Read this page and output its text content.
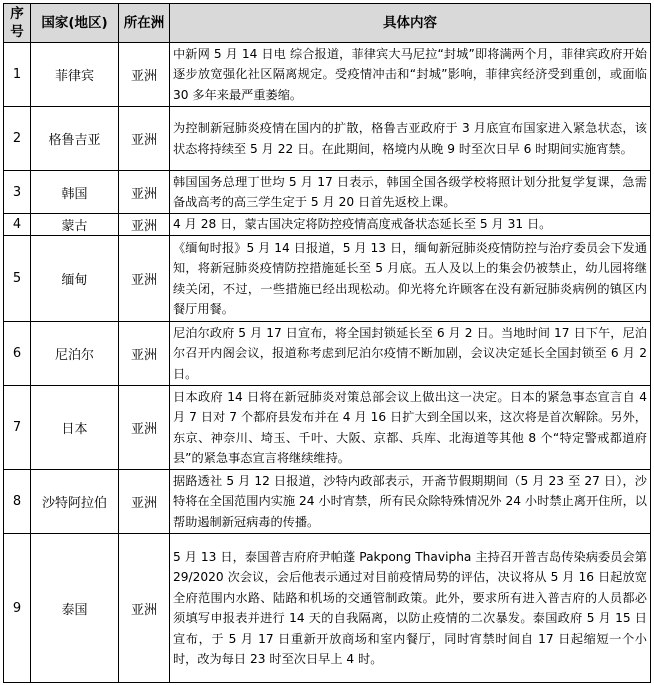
序号	国家(地区)	所在洲	具体内容
1	菲律宾	亚洲	中新网 5 月 14 日电 综合报道，菲律宾大马尼拉“封城”即将满两个月，菲律宾政府开始逐步放宽强化社区隔离规定。受疫情冲击和“封城”影响，菲律宾经济受到重创，或面临 30 多年来最严重萎缩。
2	格鲁吉亚	亚洲	为控制新冠肺炎疫情在国内的扩散，格鲁吉亚政府于 3 月底宣布国家进入紧急状态，该状态将持续至 5 月 22 日。在此期间，格境内从晚 9 时至次日早 6 时期间实施宵禁。
3	韩国	亚洲	韩国国务总理丁世均 5 月 17 日表示，韩国全国各级学校将照计划分批复学复课，急需备战高考的高三学生定于 5 月 20 日首先返校上课。
4	蒙古	亚洲	4 月 28 日，蒙古国决定将防控疫情高度戒备状态延长至 5 月 31 日。
5	缅甸	亚洲	《缅甸时报》5 月 14 日报道，5 月 13 日，缅甸新冠肺炎疫情防控与治疗委员会下发通知，将新冠肺炎疫情防控措施延长至 5 月底。五人及以上的集会仍被禁止，幼儿园将继续关闭，不过，一些措施已经出现松动。仰光将允许顾客在没有新冠肺炎病例的镇区内餐厅用餐。
6	尼泊尔	亚洲	尼泊尔政府 5 月 17 日宣布，将全国封锁延长至 6 月 2 日。当地时间 17 日下午，尼泊尔召开内阁会议，报道称考虑到尼泊尔疫情不断加剧，会议决定延长全国封锁至 6 月 2 日。
7	日本	亚洲	日本政府 14 日将在新冠肺炎对策总部会议上做出这一决定。日本的紧急事态宣言自 4 月 7 日对 7 个都府县发布并在 4 月 16 日扩大到全国以来，这次将是首次解除。另外，东京、神奈川、埼玉、千叶、大阪、京都、兵库、北海道等其他 8 个“特定警戒都道府县”的紧急事态宣言将继续维持。
8	沙特阿拉伯	亚洲	据路透社 5 月 12 日报道，沙特内政部表示，开斋节假期期间（5 月 23 至 27 日），沙特将在全国范围内实施 24 小时宵禁，所有民众除特殊情况外 24 小时禁止离开住所，以帮助遏制新冠病毒的传播。
9	泰国	亚洲	5 月 13 日，泰国普吉府府尹帕蓬 Pakpong Thavipha 主持召开普吉岛传染病委员会第 29/2020 次会议，会后他表示通过对目前疫情局势的评估，决议将从 5 月 16 日起放宽全府范围内水路、陆路和机场的交通管制政策。此外，要求所有进入普吉府的人员都必须填写申报表并进行 14 天的自我隔离，以防止疫情的二次暴发。泰国政府 5 月 15 日宣布，于 5 月 17 日重新开放商场和室内餐厅，同时宵禁时间自 17 日起缩短一个小时，改为每日 23 时至次日早上 4 时。
